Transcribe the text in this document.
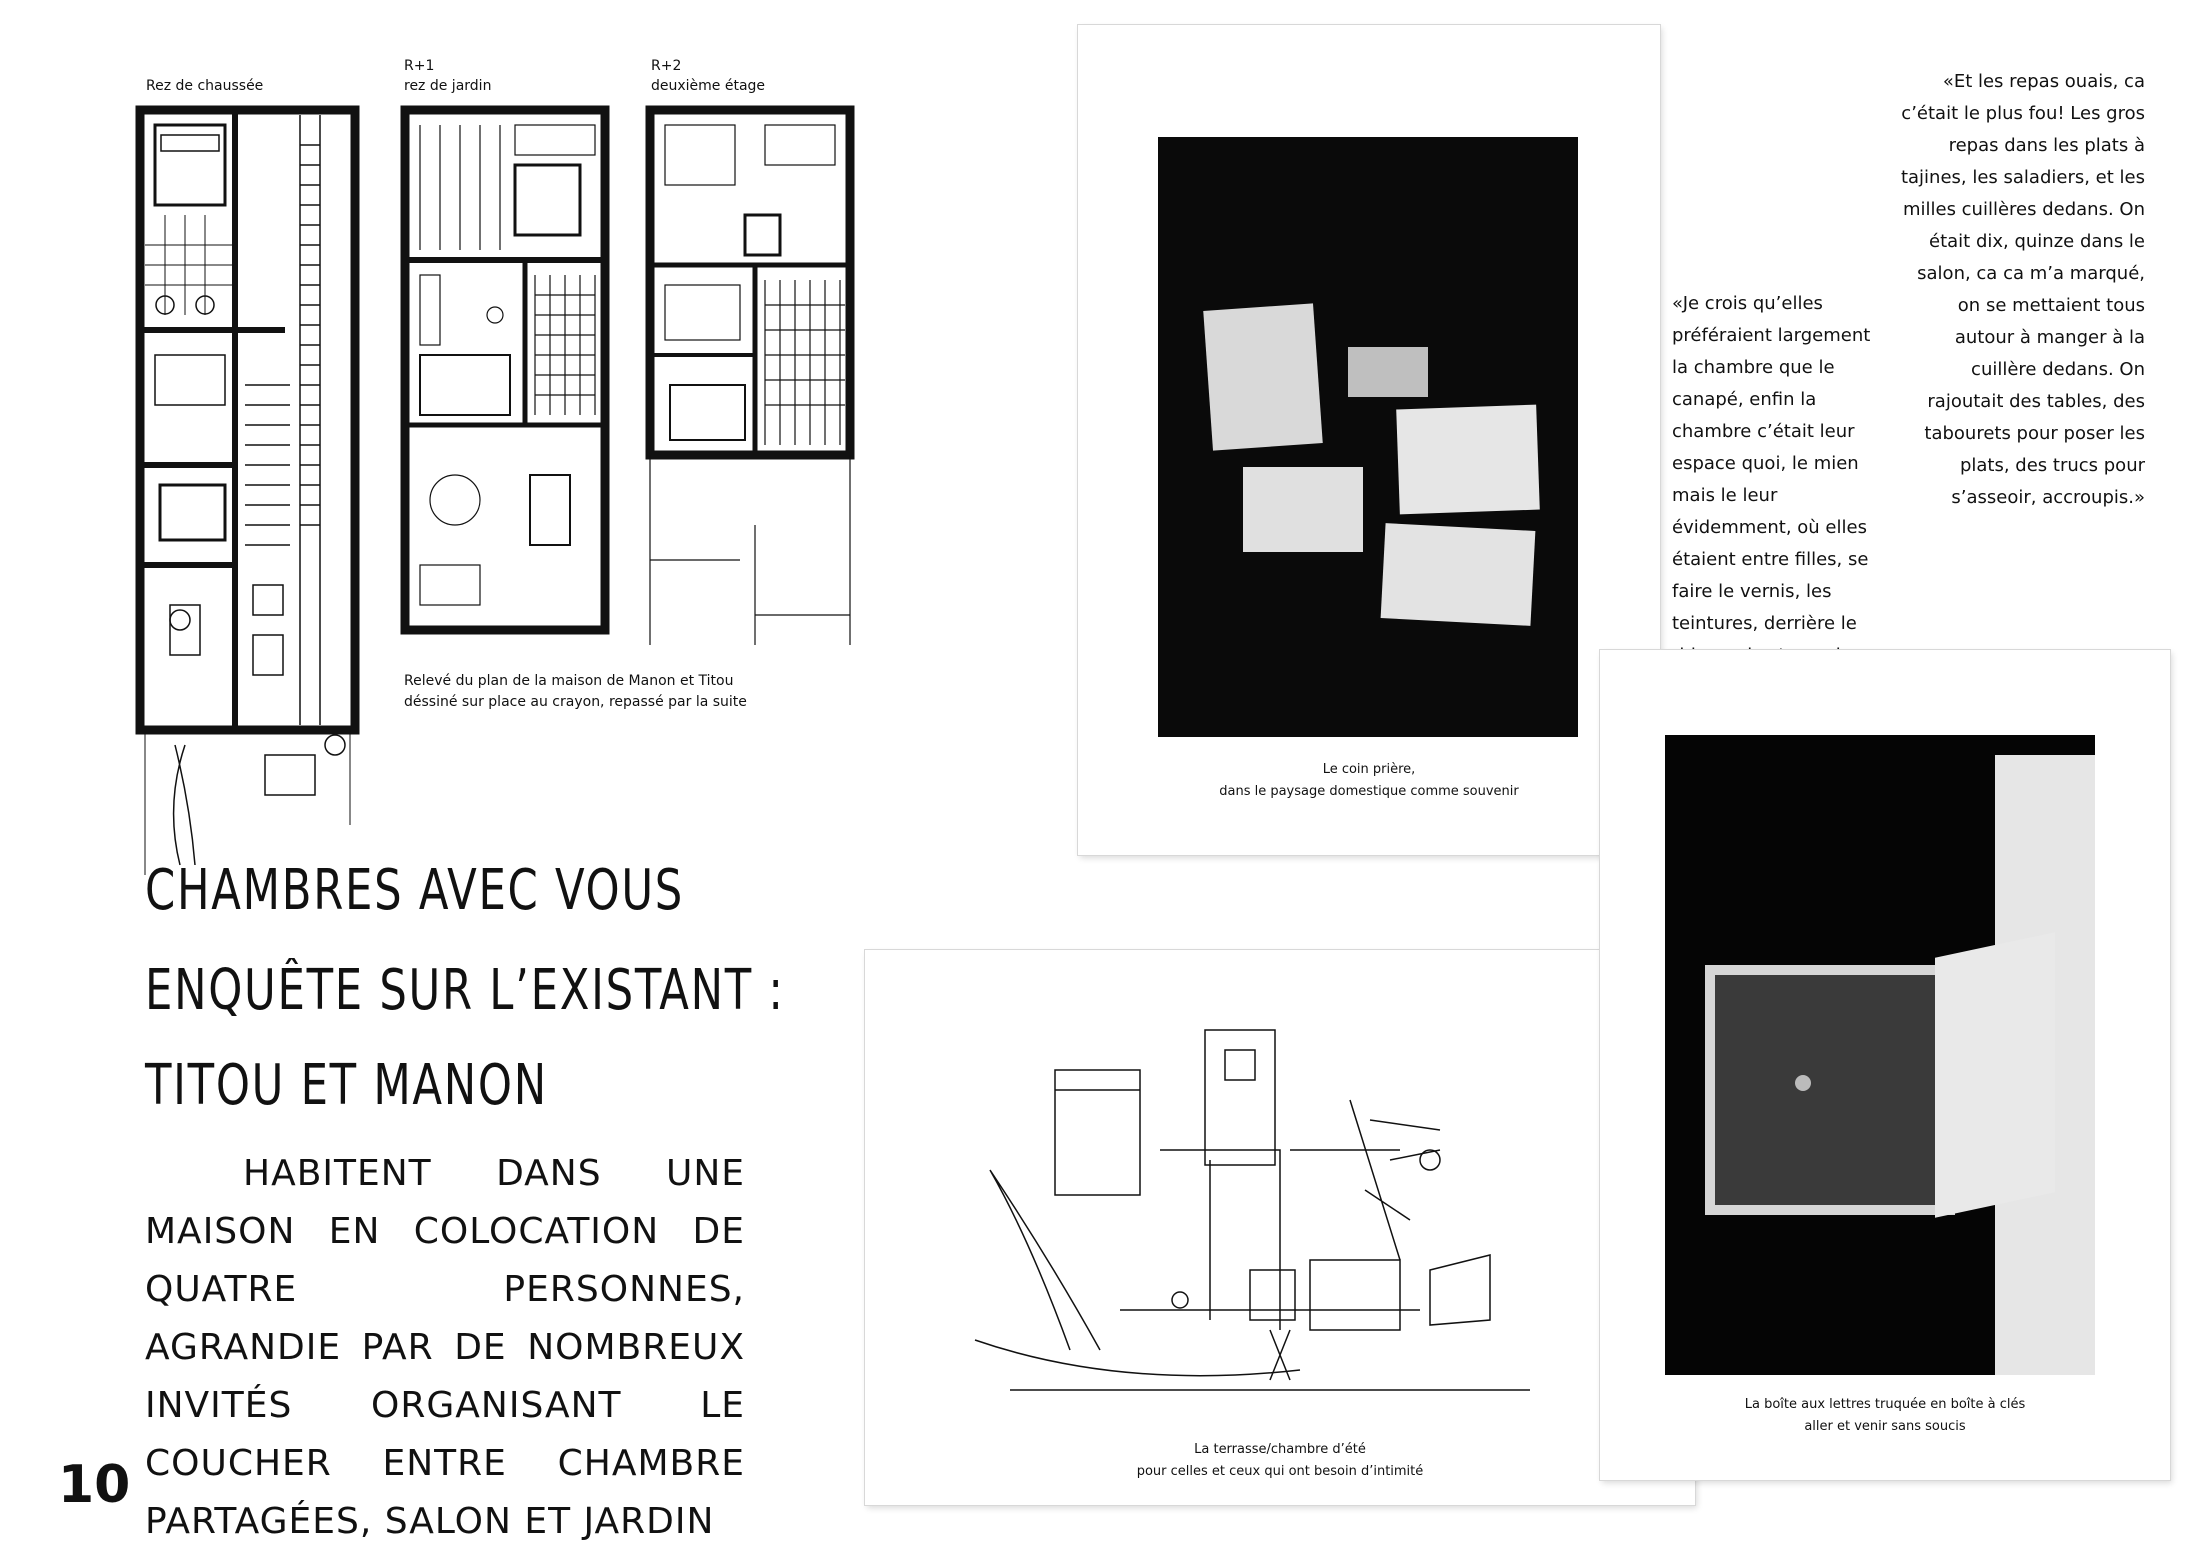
Rez de chaussée
R+1
rez de jardin
R+2
deuxième étage
Relevé du plan de la maison de Manon et Titou
déssiné sur place au crayon, repassé par la suite
CHAMBRES AVEC VOUS
ENQUÊTE SUR L’EXISTANT :
TITOU ET MANON
HABITENT DANS UNE MAISON EN COLOCATION DE QUATRE PERSONNES, AGRANDIE PAR DE NOMBREUX INVITÉS ORGANISANT LE COUCHER ENTRE CHAMBRE PARTAGÉES, SALON ET JARDIN
10
«Je crois qu’elles préféraient largement la chambre que le canapé, enfin la chambre c’était leur espace quoi, le mien mais le leur évidemment, où elles étaient entre filles, se faire le vernis, les teintures, derrière le
«Et les repas ouais, ca c’était le plus fou! Les gros repas dans les plats à tajines, les saladiers, et les milles cuillères dedans. On était dix, quinze dans le salon, ca ca m’a marqué, on se mettaient tous autour à manger à la cuillère dedans. On rajoutait des tables, des tabourets pour poser les plats, des trucs pour s’asseoir, accroupis.»
Le coin prière,
dans le paysage domestique comme souvenir
La terrasse/chambre d’été
pour celles et ceux qui ont besoin d’intimité
La boîte aux lettres truquée en boîte à clés
aller et venir sans soucis
